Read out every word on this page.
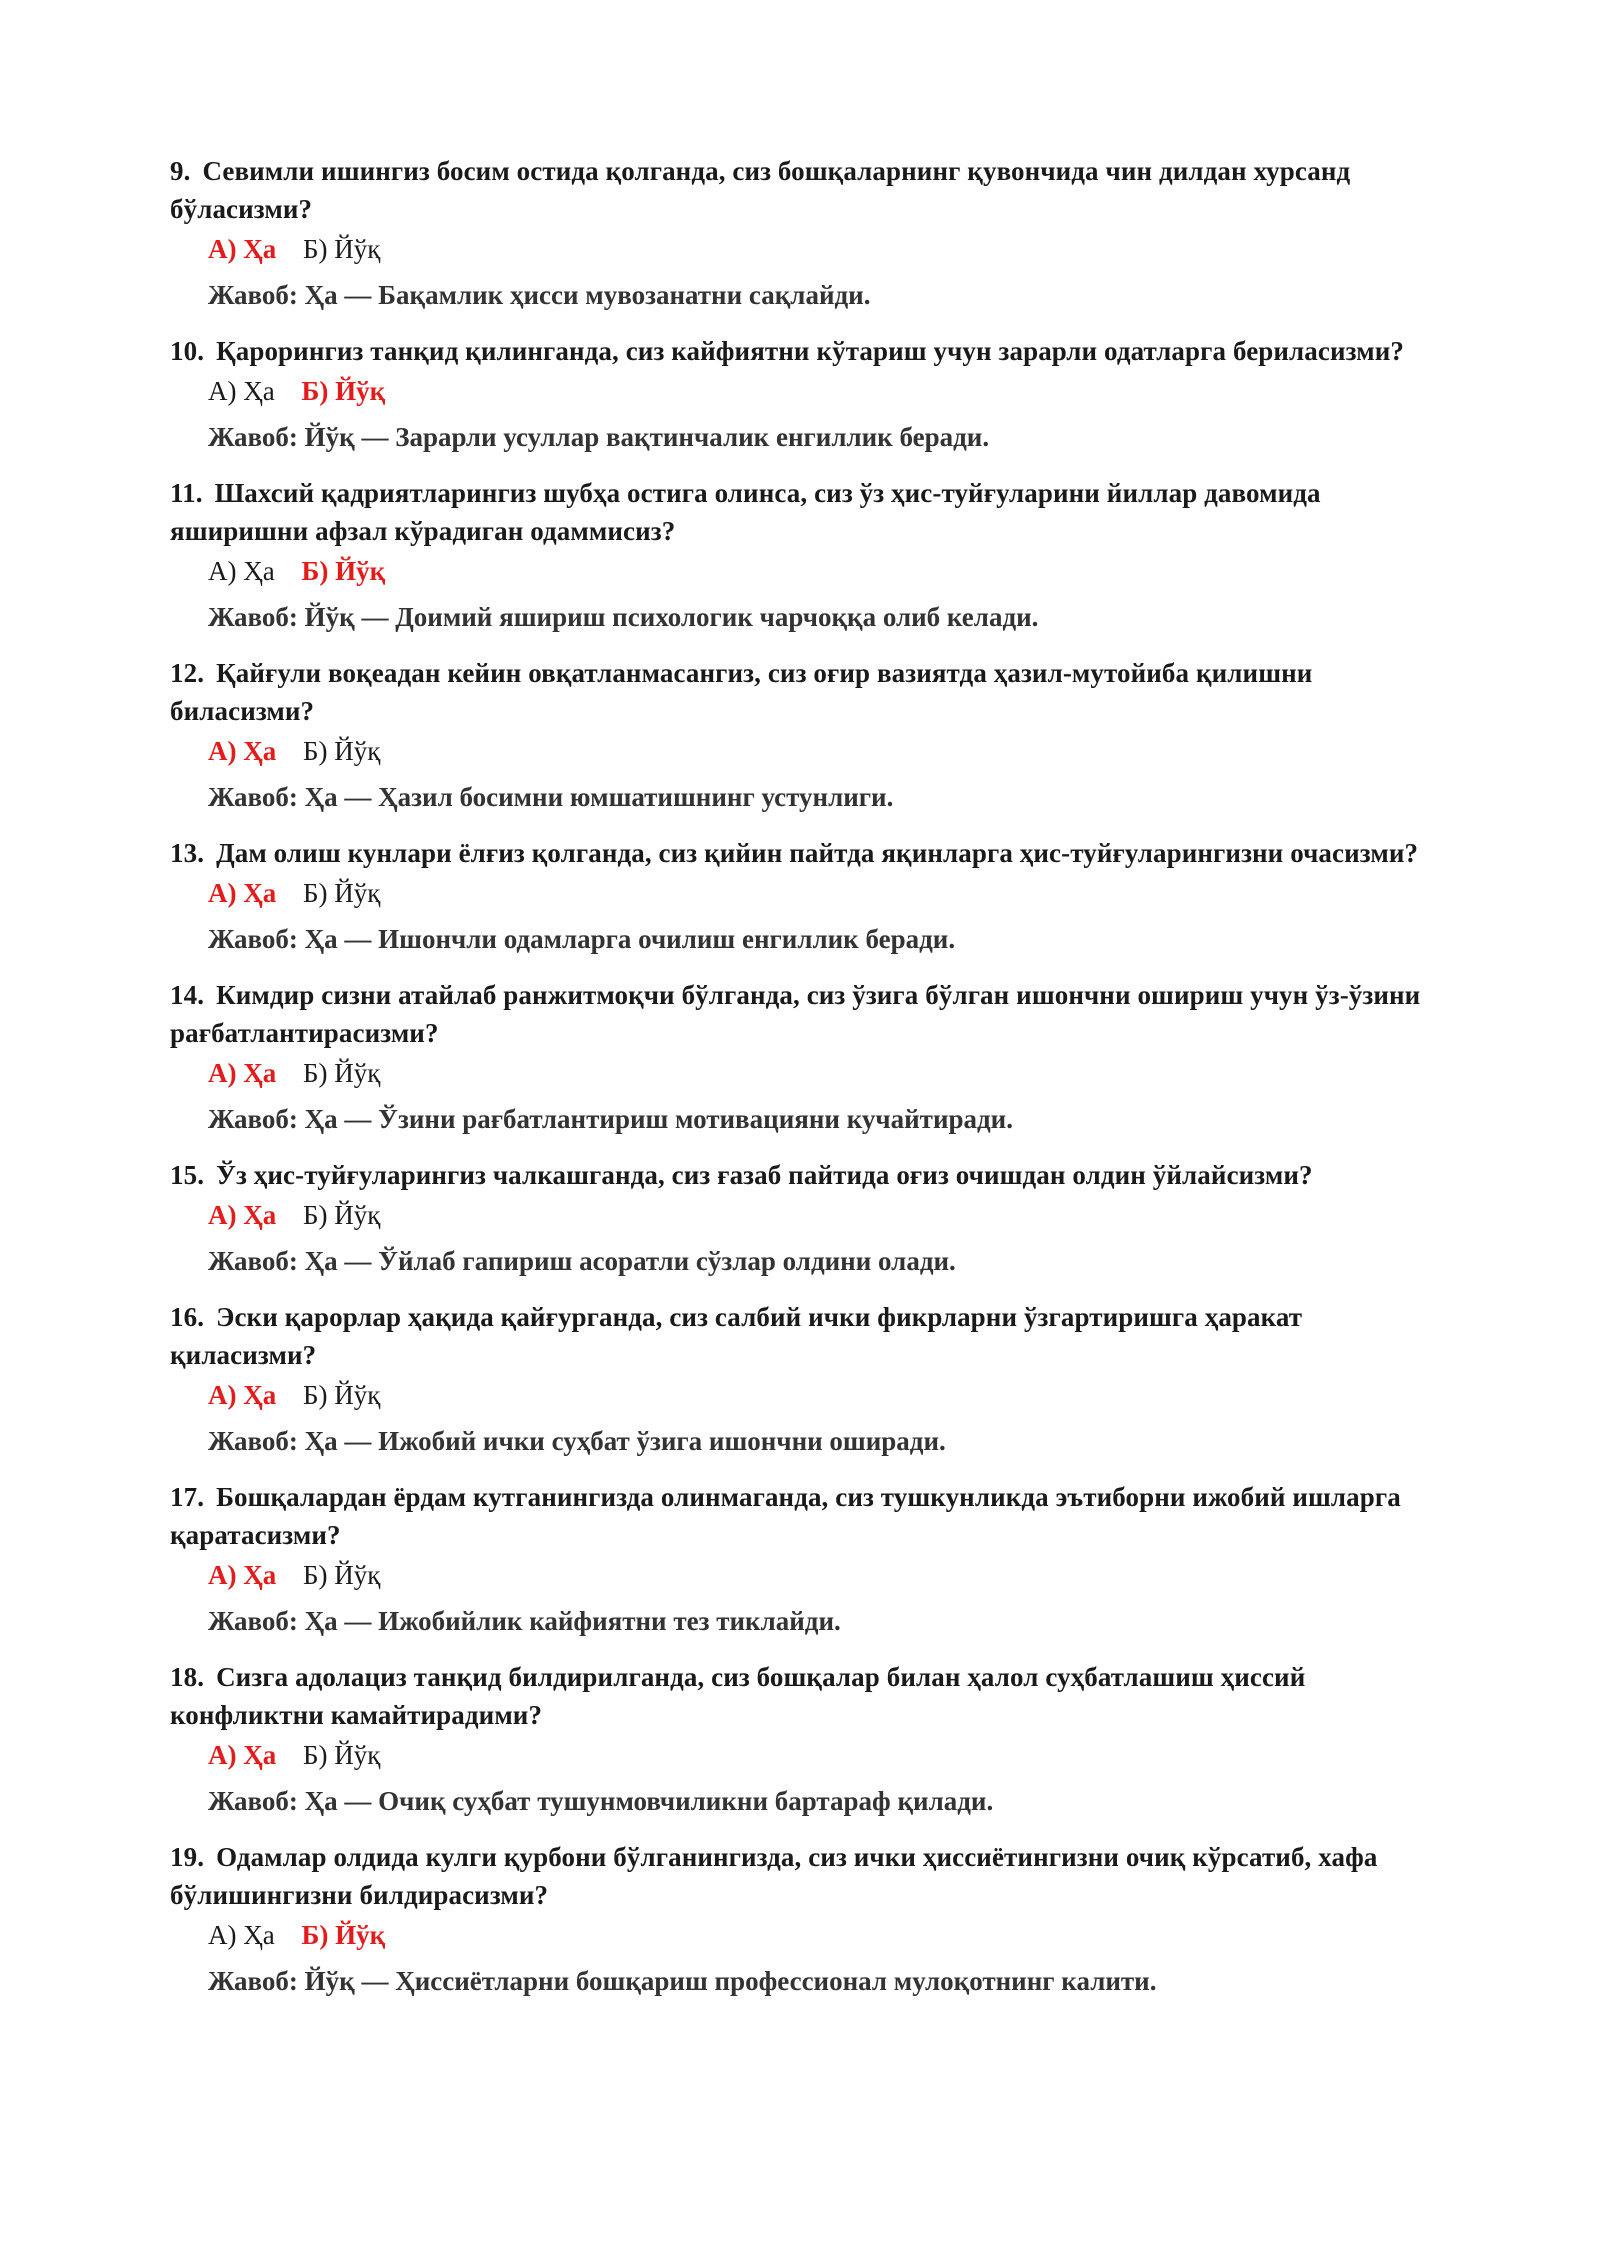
9. Севимли ишингиз босим остида қолганда, сиз бошқаларнинг қувончида чин дилдан хурсанд бўласизми?
А) Ҳа Б) Йўқ
Жавоб: Ҳа — Бақамлик ҳисси мувозанатни сақлайди.
10. Қарорингиз танқид қилинганда, сиз кайфиятни кўтариш учун зарарли одатларга бериласизми?
А) Ҳа Б) Йўқ
Жавоб: Йўқ — Зарарли усуллар вақтинчалик енгиллик беради.
11. Шахсий қадриятларингиз шубҳа остига олинса, сиз ўз ҳис-туйғуларини йиллар давомида яширишни афзал кўрадиган одаммисиз?
А) Ҳа Б) Йўқ
Жавоб: Йўқ — Доимий яшириш психологик чарчоққа олиб келади.
12. Қайғули воқеадан кейин овқатланмасангиз, сиз оғир вазиятда ҳазил-мутойиба қилишни биласизми?
А) Ҳа Б) Йўқ
Жавоб: Ҳа — Ҳазил босимни юмшатишнинг устунлиги.
13. Дам олиш кунлари ёлғиз қолганда, сиз қийин пайтда яқинларга ҳис-туйғуларингизни очасизми?
А) Ҳа Б) Йўқ
Жавоб: Ҳа — Ишончли одамларга очилиш енгиллик беради.
14. Кимдир сизни атайлаб ранжитмоқчи бўлганда, сиз ўзига бўлган ишончни ошириш учун ўз-ўзини рағбатлантирасизми?
А) Ҳа Б) Йўқ
Жавоб: Ҳа — Ўзини рағбатлантириш мотивацияни кучайтиради.
15. Ўз ҳис-туйғуларингиз чалкашганда, сиз ғазаб пайтида оғиз очишдан олдин ўйлайсизми?
А) Ҳа Б) Йўқ
Жавоб: Ҳа — Ўйлаб гапириш асоратли сўзлар олдини олади.
16. Эски қарорлар ҳақида қайғурганда, сиз салбий ички фикрларни ўзгартиришга ҳаракат қиласизми?
А) Ҳа Б) Йўқ
Жавоб: Ҳа — Ижобий ички суҳбат ўзига ишончни оширади.
17. Бошқалардан ёрдам кутганингизда олинмаганда, сиз тушкунликда эътиборни ижобий ишларга қаратасизми?
А) Ҳа Б) Йўқ
Жавоб: Ҳа — Ижобийлик кайфиятни тез тиклайди.
18. Сизга адолациз танқид билдирилганда, сиз бошқалар билан ҳалол суҳбатлашиш ҳиссий конфликтни камайтирадими?
А) Ҳа Б) Йўқ
Жавоб: Ҳа — Очиқ суҳбат тушунмовчиликни бартараф қилади.
19. Одамлар олдида кулги қурбони бўлганингизда, сиз ички ҳиссиётингизни очиқ кўрсатиб, хафа бўлишингизни билдирасизми?
А) Ҳа Б) Йўқ
Жавоб: Йўқ — Ҳиссиётларни бошқариш профессионал мулоқотнинг калити.
